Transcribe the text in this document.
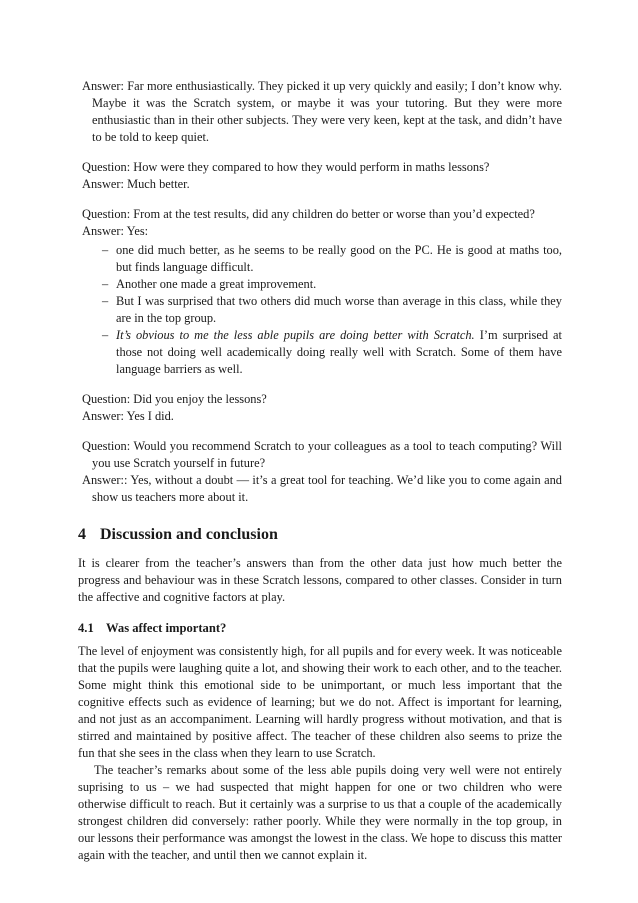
Answer: Far more enthusiastically. They picked it up very quickly and easily; I don’t know why. Maybe it was the Scratch system, or maybe it was your tutoring. But they were more enthusiastic than in their other subjects. They were very keen, kept at the task, and didn’t have to be told to keep quiet.

Question: How were they compared to how they would perform in maths lessons?

Answer: Much better.

Question: From at the test results, did any children do better or worse than you’d expected?

Answer: Yes:

– one did much better, as he seems to be really good on the PC. He is good at maths too, but finds language difficult.
– Another one made a great improvement.
– But I was surprised that two others did much worse than average in this class, while they are in the top group.
– It’s obvious to me the less able pupils are doing better with Scratch. I’m surprised at those not doing well academically doing really well with Scratch. Some of them have language barriers as well.

Question: Did you enjoy the lessons?

Answer: Yes I did.

Question: Would you recommend Scratch to your colleagues as a tool to teach computing? Will you use Scratch yourself in future?

Answer:: Yes, without a doubt — it’s a great tool for teaching. We’d like you to come again and show us teachers more about it.

4 Discussion and conclusion

It is clearer from the teacher’s answers than from the other data just how much better the progress and behaviour was in these Scratch lessons, compared to other classes. Consider in turn the affective and cognitive factors at play.

4.1 Was affect important?

The level of enjoyment was consistently high, for all pupils and for every week. It was noticeable that the pupils were laughing quite a lot, and showing their work to each other, and to the teacher. Some might think this emotional side to be unimportant, or much less important that the cognitive effects such as evidence of learning; but we do not. Affect is important for learning, and not just as an accompaniment. Learning will hardly progress without motivation, and that is stirred and maintained by positive affect. The teacher of these children also seems to prize the fun that she sees in the class when they learn to use Scratch.

The teacher’s remarks about some of the less able pupils doing very well were not entirely suprising to us – we had suspected that might happen for one or two children who were otherwise difficult to reach. But it certainly was a surprise to us that a couple of the academically strongest children did conversely: rather poorly. While they were normally in the top group, in our lessons their performance was amongst the lowest in the class. We hope to discuss this matter again with the teacher, and until then we cannot explain it.
